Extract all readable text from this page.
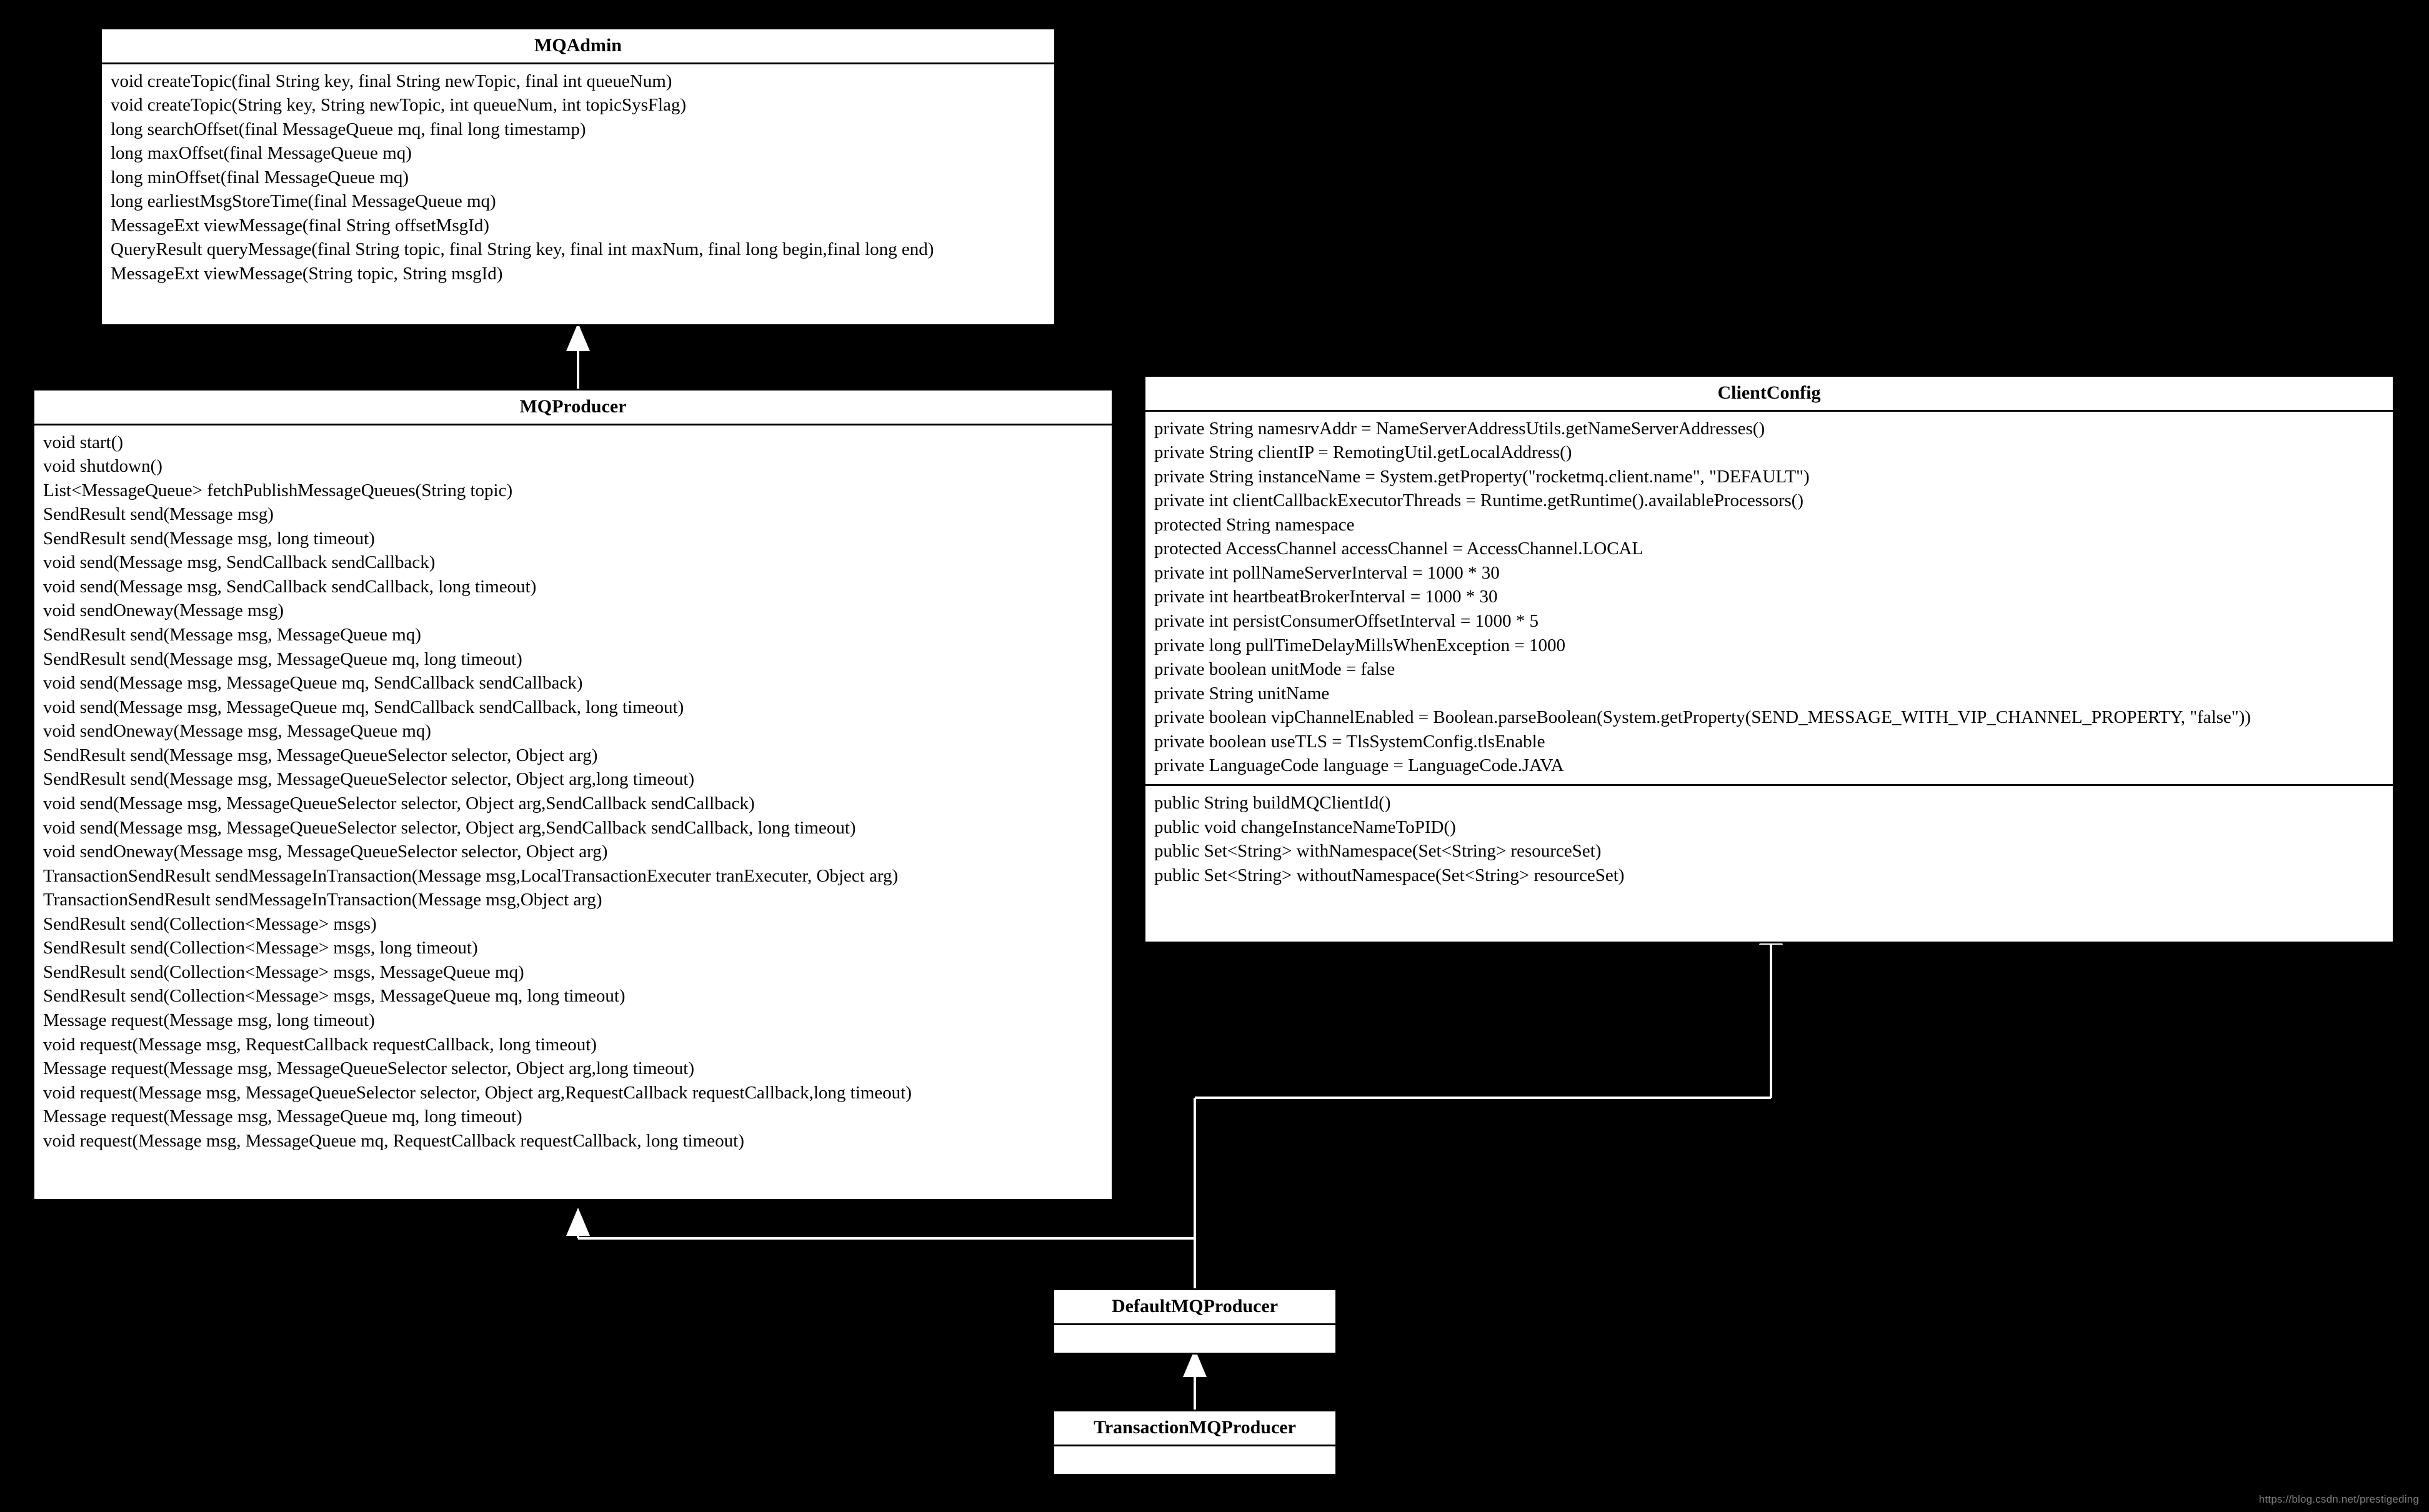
MQAdmin
void createTopic(final String key, final String newTopic, final int queueNum)
void createTopic(String key, String newTopic, int queueNum, int topicSysFlag)
long searchOffset(final MessageQueue mq, final long timestamp)
long maxOffset(final MessageQueue mq)
long minOffset(final MessageQueue mq)
long earliestMsgStoreTime(final MessageQueue mq)
MessageExt viewMessage(final String offsetMsgId)
QueryResult queryMessage(final String topic, final String key, final int maxNum, final long begin,final long end)
MessageExt viewMessage(String topic, String msgId)
MQProducer
void start()
void shutdown()
List<MessageQueue> fetchPublishMessageQueues(String topic)
SendResult send(Message msg)
SendResult send(Message msg, long timeout)
void send(Message msg, SendCallback sendCallback)
void send(Message msg, SendCallback sendCallback, long timeout)
void sendOneway(Message msg)
SendResult send(Message msg, MessageQueue mq)
SendResult send(Message msg, MessageQueue mq, long timeout)
void send(Message msg, MessageQueue mq, SendCallback sendCallback)
void send(Message msg, MessageQueue mq, SendCallback sendCallback, long timeout)
void sendOneway(Message msg, MessageQueue mq)
SendResult send(Message msg, MessageQueueSelector selector, Object arg)
SendResult send(Message msg, MessageQueueSelector selector, Object arg,long timeout)
void send(Message msg, MessageQueueSelector selector, Object arg,SendCallback sendCallback)
void send(Message msg, MessageQueueSelector selector, Object arg,SendCallback sendCallback, long timeout)
void sendOneway(Message msg, MessageQueueSelector selector, Object arg)
TransactionSendResult sendMessageInTransaction(Message msg,LocalTransactionExecuter tranExecuter, Object arg)
TransactionSendResult sendMessageInTransaction(Message msg,Object arg)
SendResult send(Collection<Message> msgs)
SendResult send(Collection<Message> msgs, long timeout)
SendResult send(Collection<Message> msgs, MessageQueue mq)
SendResult send(Collection<Message> msgs, MessageQueue mq, long timeout)
Message request(Message msg, long timeout)
void request(Message msg, RequestCallback requestCallback, long timeout)
Message request(Message msg, MessageQueueSelector selector, Object arg,long timeout)
void request(Message msg, MessageQueueSelector selector, Object arg,RequestCallback requestCallback,long timeout)
Message request(Message msg, MessageQueue mq, long timeout)
void request(Message msg, MessageQueue mq, RequestCallback requestCallback, long timeout)
ClientConfig
private String namesrvAddr = NameServerAddressUtils.getNameServerAddresses()
private String clientIP = RemotingUtil.getLocalAddress()
private String instanceName = System.getProperty("rocketmq.client.name", "DEFAULT")
private int clientCallbackExecutorThreads = Runtime.getRuntime().availableProcessors()
protected String namespace
protected AccessChannel accessChannel = AccessChannel.LOCAL
private int pollNameServerInterval = 1000 * 30
private int heartbeatBrokerInterval = 1000 * 30
private int persistConsumerOffsetInterval = 1000 * 5
private long pullTimeDelayMillsWhenException = 1000
private boolean unitMode = false
private String unitName
private boolean vipChannelEnabled = Boolean.parseBoolean(System.getProperty(SEND_MESSAGE_WITH_VIP_CHANNEL_PROPERTY, "false"))
private boolean useTLS = TlsSystemConfig.tlsEnable
private LanguageCode language = LanguageCode.JAVA
public String buildMQClientId()
public void changeInstanceNameToPID()
public Set<String> withNamespace(Set<String> resourceSet)
public Set<String> withoutNamespace(Set<String> resourceSet)
DefaultMQProducer
TransactionMQProducer
https://blog.csdn.net/prestigeding
